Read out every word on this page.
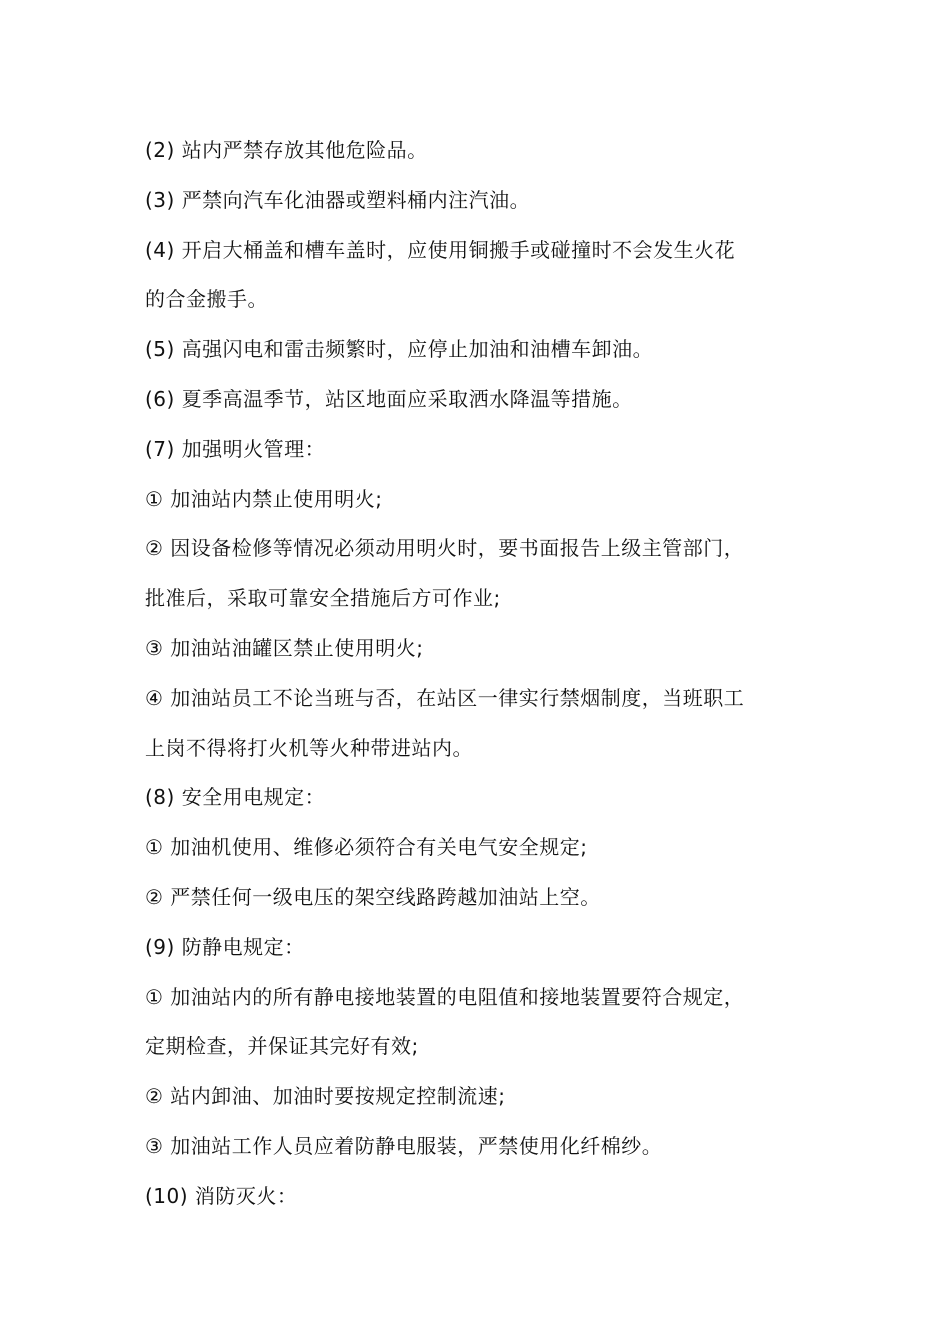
(2) 站内严禁存放其他危险品。
(3) 严禁向汽车化油器或塑料桶内注汽油。
(4) 开启大桶盖和槽车盖时，应使用铜搬手或碰撞时不会发生火花
的合金搬手。
(5) 高强闪电和雷击频繁时，应停止加油和油槽车卸油。
(6) 夏季高温季节，站区地面应采取洒水降温等措施。
(7) 加强明火管理：
① 加油站内禁止使用明火;
② 因设备检修等情况必须动用明火时，要书面报告上级主管部门，
批准后，采取可靠安全措施后方可作业;
③ 加油站油罐区禁止使用明火;
④ 加油站员工不论当班与否，在站区一律实行禁烟制度，当班职工
上岗不得将打火机等火种带进站内。
(8) 安全用电规定：
① 加油机使用、维修必须符合有关电气安全规定;
② 严禁任何一级电压的架空线路跨越加油站上空。
(9) 防静电规定：
① 加油站内的所有静电接地装置的电阻值和接地装置要符合规定，
定期检查，并保证其完好有效;
② 站内卸油、加油时要按规定控制流速;
③ 加油站工作人员应着防静电服装，严禁使用化纤棉纱。
(10) 消防灭火：
